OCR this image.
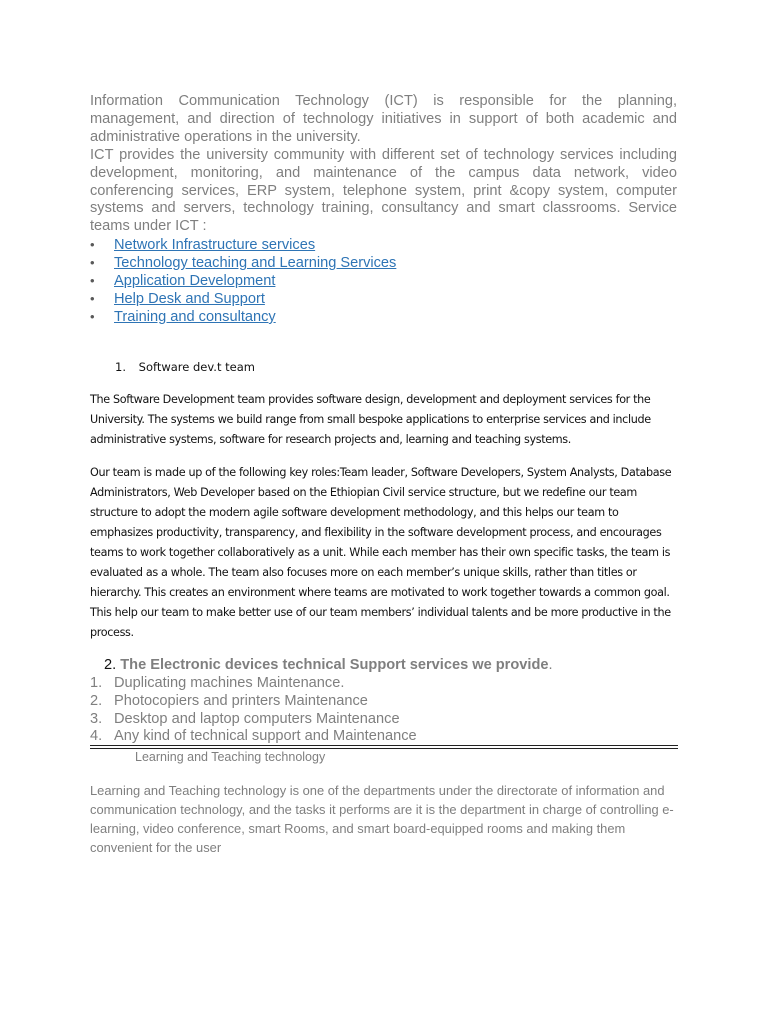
Information Communication Technology (ICT) is responsible for the planning, management, and direction of technology initiatives in support of both academic and administrative operations in the university.

ICT provides the university community with different set of technology services including development, monitoring, and maintenance of the campus data network, video conferencing services, ERP system, telephone system, print &copy system, computer systems and servers, technology training, consultancy and smart classrooms. Service teams under ICT :

• Network Infrastructure services
• Technology teaching and Learning Services
• Application Development
• Help Desk and Support
• Training and consultancy
1. Software dev.t team

The Software Development team provides software design, development and deployment services for the University. The systems we build range from small bespoke applications to enterprise services and include administrative systems, software for research projects and, learning and teaching systems.

Our team is made up of the following key roles:Team leader, Software Developers, System Analysts, Database Administrators, Web Developer based on the Ethiopian Civil service structure, but we redefine our team structure to adopt the modern agile software development methodology, and this helps our team to emphasizes productivity, transparency, and flexibility in the software development process, and encourages teams to work together collaboratively as a unit. While each member has their own specific tasks, the team is evaluated as a whole. The team also focuses more on each member’s unique skills, rather than titles or hierarchy. This creates an environment where teams are motivated to work together towards a common goal. This help our team to make better use of our team members’ individual talents and be more productive in the process.

2. The Electronic devices technical Support services we provide.
1. Duplicating machines Maintenance.
2. Photocopiers and printers Maintenance
3. Desktop and laptop computers Maintenance
4. Any kind of technical support and Maintenance
Learning and Teaching technology

Learning and Teaching technology is one of the departments under the directorate of information and communication technology, and the tasks it performs are it is the department in charge of controlling e-learning, video conference, smart Rooms, and smart board-equipped rooms and making them convenient for the user
